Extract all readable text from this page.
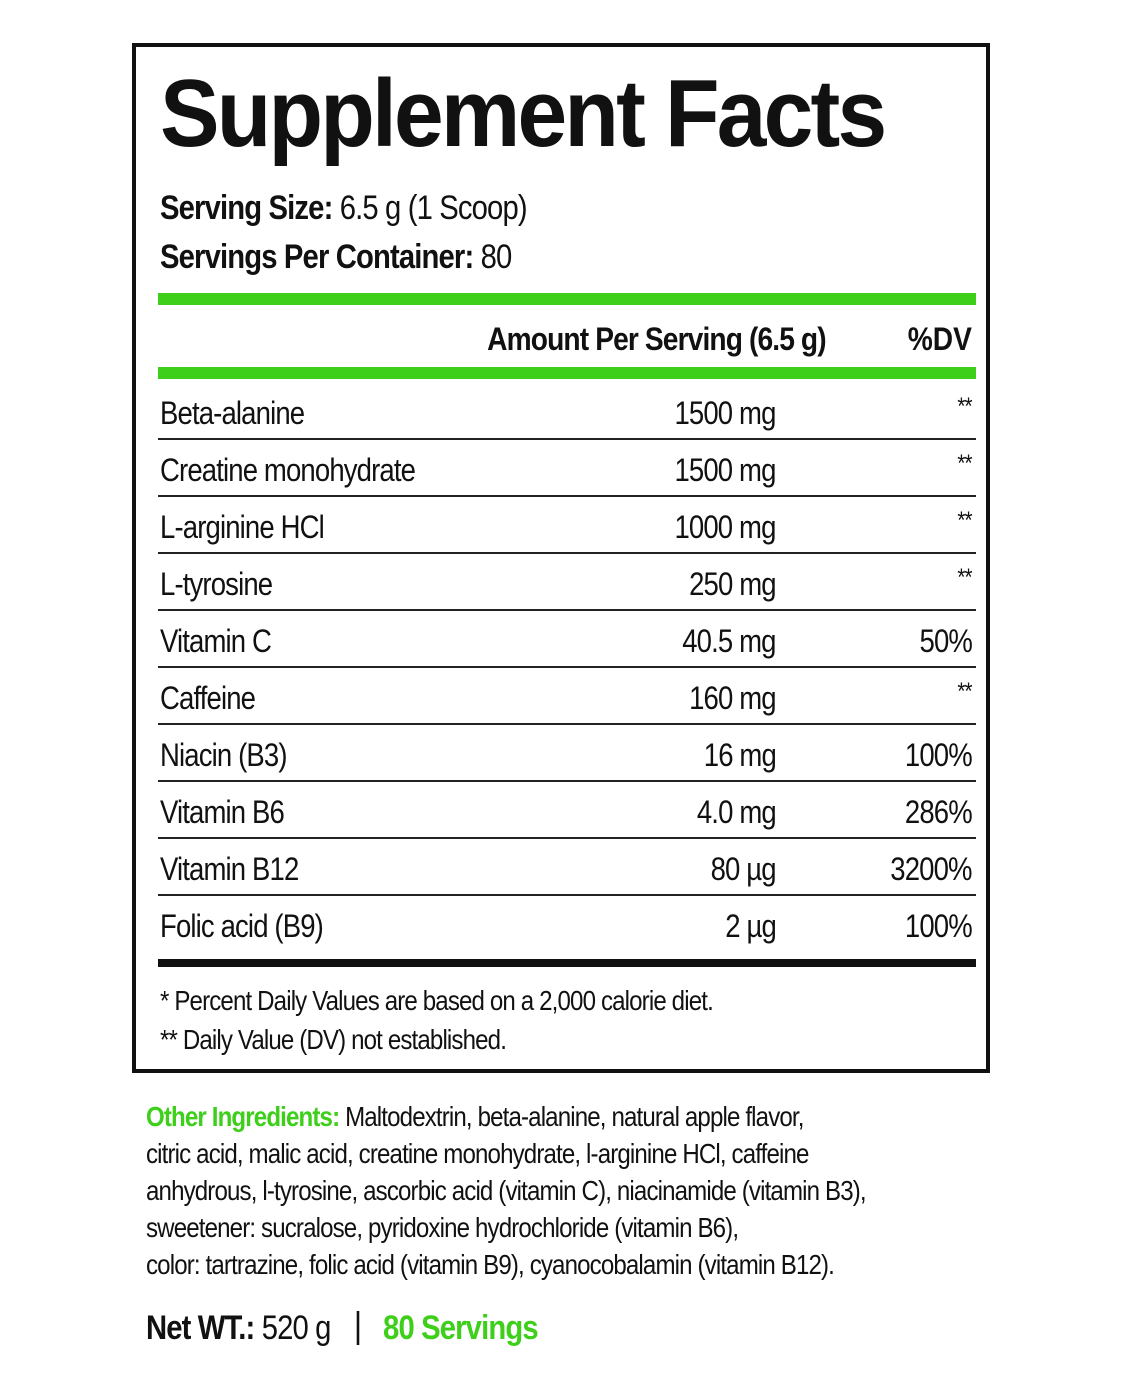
Supplement Facts
Serving Size: 6.5 g (1 Scoop)
Servings Per Container: 80
Amount Per Serving (6.5 g)	%DV
Beta-alanine	1500 mg	**
Creatine monohydrate	1500 mg	**
L-arginine HCl	1000 mg	**
L-tyrosine	250 mg	**
Vitamin C	40.5 mg	50%
Caffeine	160 mg	**
Niacin (B3)	16 mg	100%
Vitamin B6	4.0 mg	286%
Vitamin B12	80 µg	3200%
Folic acid (B9)	2 µg	100%
* Percent Daily Values are based on a 2,000 calorie diet.
** Daily Value (DV) not established.
Other Ingredients: Maltodextrin, beta-alanine, natural apple flavor,
citric acid, malic acid, creatine monohydrate, l-arginine HCl, caffeine
anhydrous, l-tyrosine, ascorbic acid (vitamin C), niacinamide (vitamin B3),
sweetener: sucralose, pyridoxine hydrochloride (vitamin B6),
color: tartrazine, folic acid (vitamin B9), cyanocobalamin (vitamin B12).
Net WT.: 520 g 80 Servings
